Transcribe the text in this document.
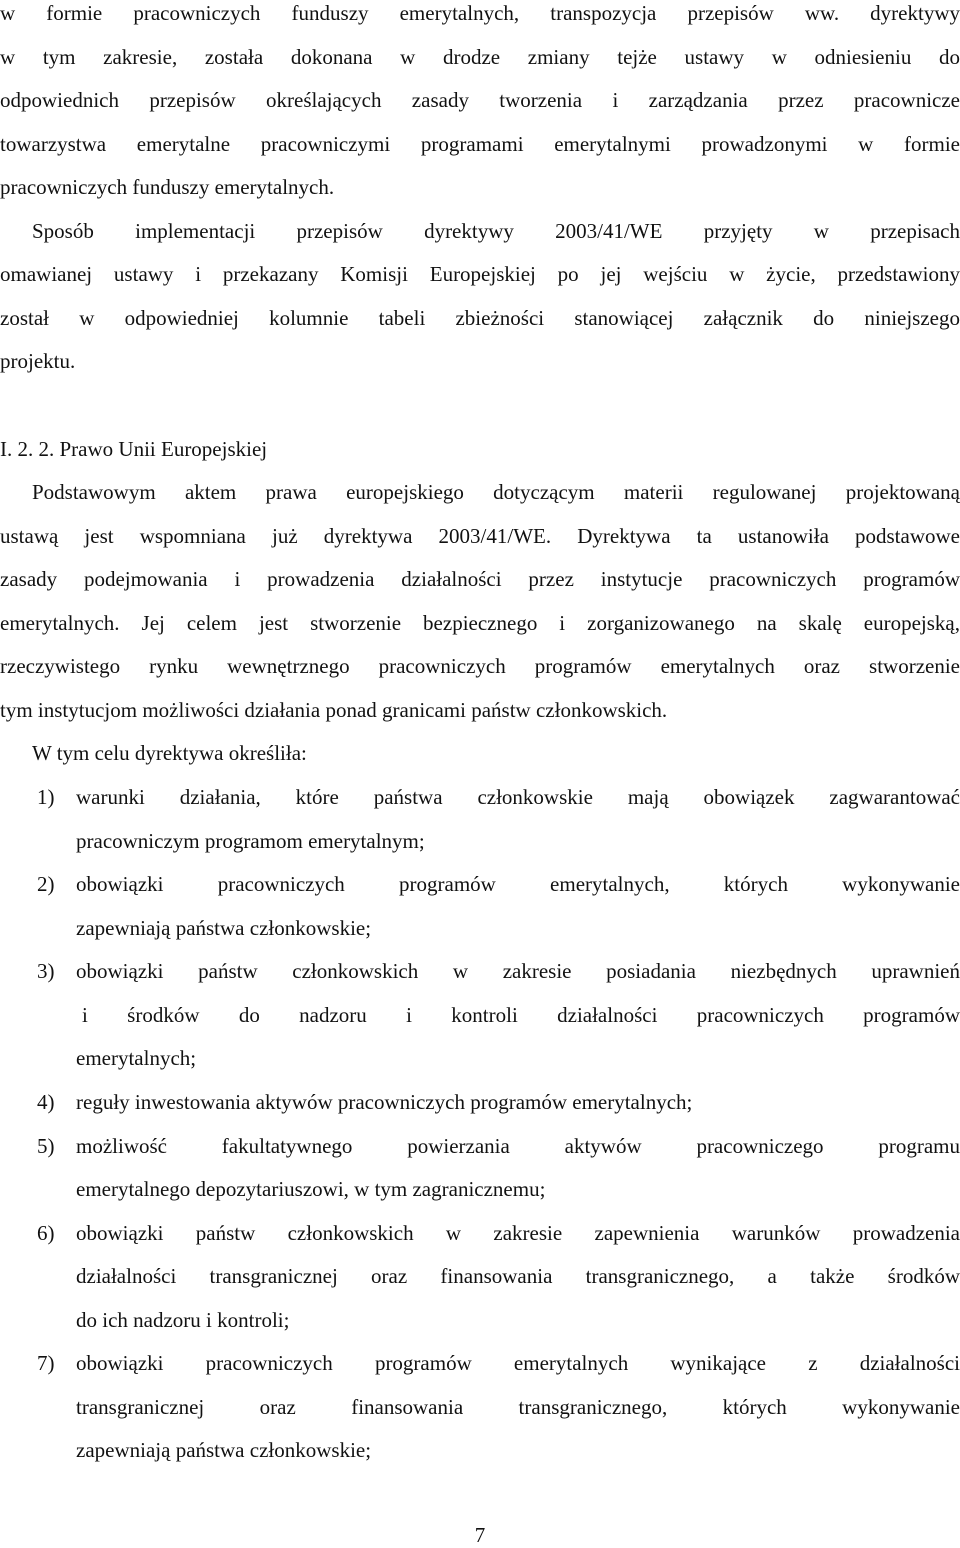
w formie pracowniczych funduszy emerytalnych, transpozycja przepisów ww. dyrektywy
w tym zakresie, została dokonana w drodze zmiany tejże ustawy w odniesieniu do
odpowiednich przepisów określających zasady tworzenia i zarządzania przez pracownicze
towarzystwa emerytalne pracowniczymi programami emerytalnymi prowadzonymi w formie
pracowniczych funduszy emerytalnych.
Sposób implementacji przepisów dyrektywy 2003/41/WE przyjęty w przepisach
omawianej ustawy i przekazany Komisji Europejskiej po jej wejściu w życie, przedstawiony
został w odpowiedniej kolumnie tabeli zbieżności stanowiącej załącznik do niniejszego
projektu.
I. 2. 2. Prawo Unii Europejskiej
Podstawowym aktem prawa europejskiego dotyczącym materii regulowanej projektowaną
ustawą jest wspomniana już dyrektywa 2003/41/WE. Dyrektywa ta ustanowiła podstawowe
zasady podejmowania i prowadzenia działalności przez instytucje pracowniczych programów
emerytalnych. Jej celem jest stworzenie bezpiecznego i zorganizowanego na skalę europejską,
rzeczywistego rynku wewnętrznego pracowniczych programów emerytalnych oraz stworzenie
tym instytucjom możliwości działania ponad granicami państw członkowskich.
W tym celu dyrektywa określiła:
1) warunki działania, które państwa członkowskie mają obowiązek zagwarantować
pracowniczym programom emerytalnym;
2) obowiązki pracowniczych programów emerytalnych, których wykonywanie
zapewniają państwa członkowskie;
3) obowiązki państw członkowskich w zakresie posiadania niezbędnych uprawnień
i środków do nadzoru i kontroli działalności pracowniczych programów
emerytalnych;
4) reguły inwestowania aktywów pracowniczych programów emerytalnych;
5) możliwość fakultatywnego powierzania aktywów pracowniczego programu
emerytalnego depozytariuszowi, w tym zagranicznemu;
6) obowiązki państw członkowskich w zakresie zapewnienia warunków prowadzenia
działalności transgranicznej oraz finansowania transgranicznego, a także środków
do ich nadzoru i kontroli;
7) obowiązki pracowniczych programów emerytalnych wynikające z działalności
transgranicznej oraz finansowania transgranicznego, których wykonywanie
zapewniają państwa członkowskie;
7
